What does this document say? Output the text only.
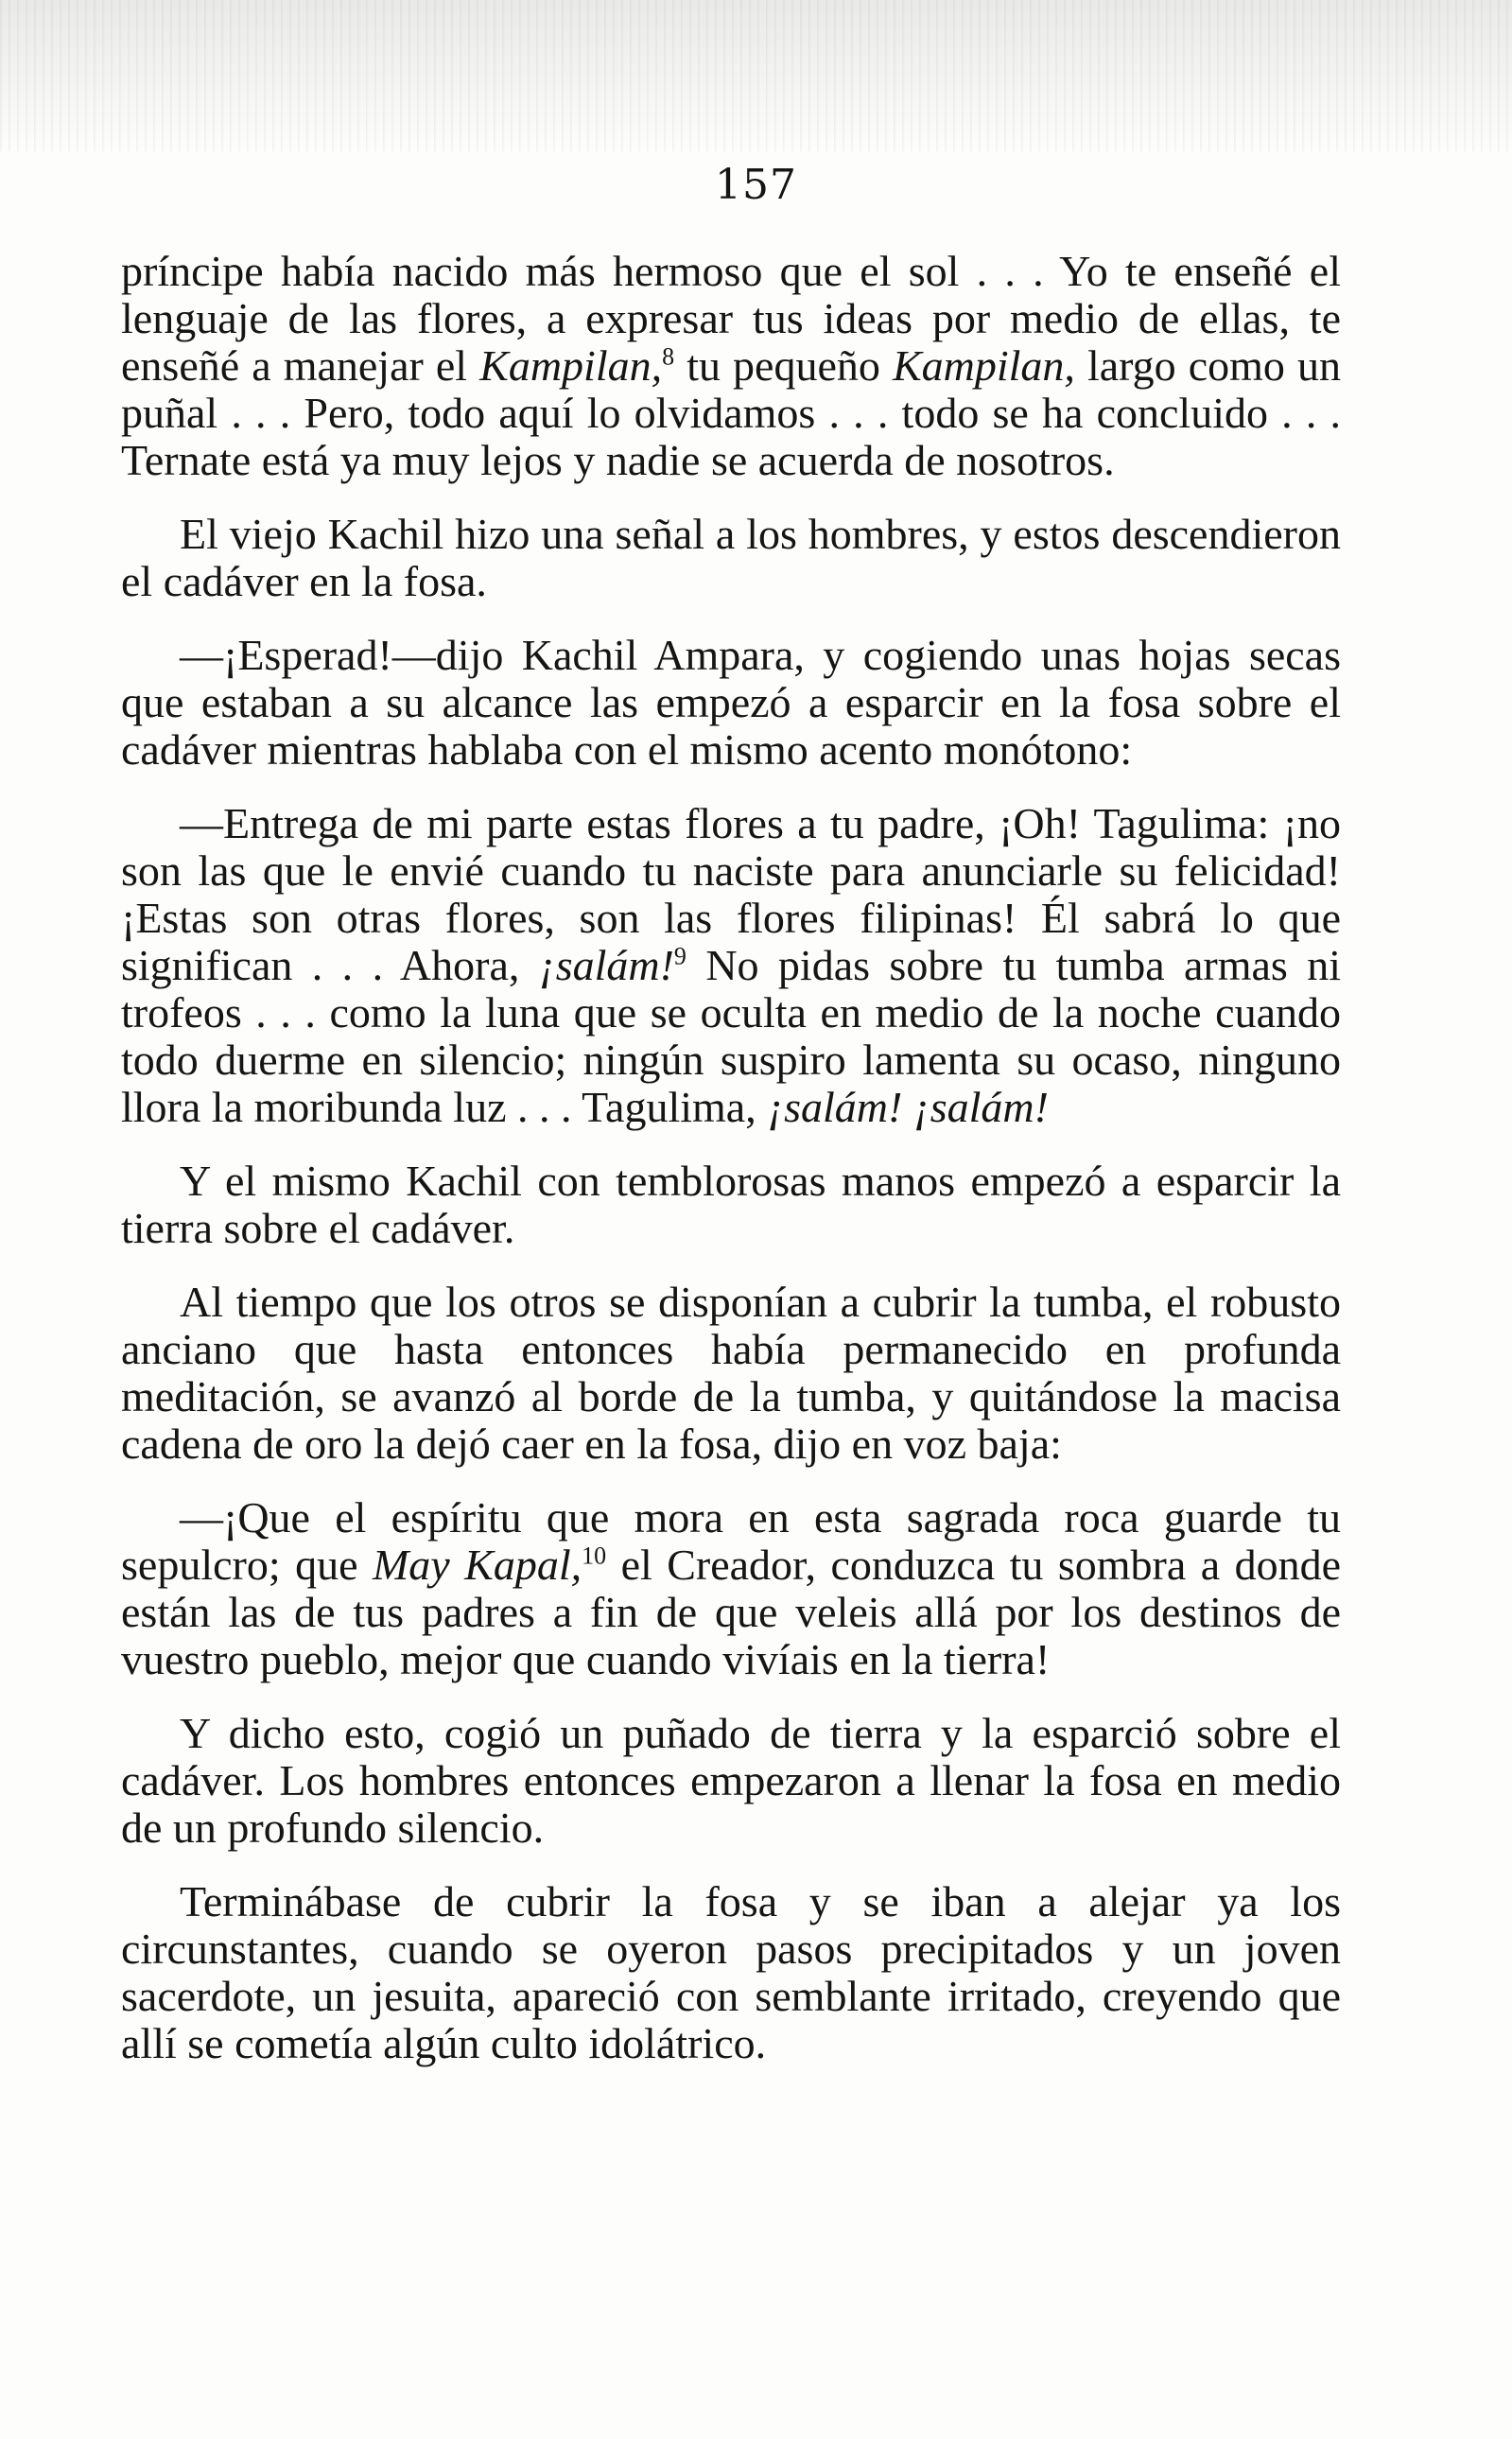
157

príncipe había nacido más hermoso que el sol . . . Yo te enseñé el lenguaje de las flores, a expresar tus ideas por medio de ellas, te enseñé a manejar el Kampilan,$^8$ tu pequeño Kampilan, largo como un puñal . . . Pero, todo aquí lo olvidamos . . . todo se ha concluido . . . Ternate está ya muy lejos y nadie se acuerda de nosotros.

El viejo Kachil hizo una señal a los hombres, y estos descendieron el cadáver en la fosa.

—¡Esperad!—dijo Kachil Ampara, y cogiendo unas hojas secas que estaban a su alcance las empezó a esparcir en la fosa sobre el cadáver mientras hablaba con el mismo acento monótono:

—Entrega de mi parte estas flores a tu padre, ¡Oh! Tagulima: ¡no son las que le envié cuando tu naciste para anunciarle su felicidad! ¡Estas son otras flores, son las flores filipinas! Él sabrá lo que significan . . . Ahora, ¡salám!$^9$ No pidas sobre tu tumba armas ni trofeos . . . como la luna que se oculta en medio de la noche cuando todo duerme en silencio; ningún suspiro lamenta su ocaso, ninguno llora la moribunda luz . . . Tagulima, ¡salám! ¡salám!

Y el mismo Kachil con temblorosas manos empezó a esparcir la tierra sobre el cadáver.

Al tiempo que los otros se disponían a cubrir la tumba, el robusto anciano que hasta entonces había permanecido en profunda meditación, se avanzó al borde de la tumba, y quitándose la macisa cadena de oro la dejó caer en la fosa, dijo en voz baja:

—¡Que el espíritu que mora en esta sagrada roca guarde tu sepulcro; que May Kapal,$^{10}$ el Creador, conduzca tu sombra a donde están las de tus padres a fin de que veleis allá por los destinos de vuestro pueblo, mejor que cuando vivíais en la tierra!

Y dicho esto, cogió un puñado de tierra y la esparció sobre el cadáver. Los hombres entonces empezaron a llenar la fosa en medio de un profundo silencio.

Terminábase de cubrir la fosa y se iban a alejar ya los circunstantes, cuando se oyeron pasos precipitados y un joven sacerdote, un jesuita, apareció con semblante irritado, creyendo que allí se cometía algún culto idolátrico.
